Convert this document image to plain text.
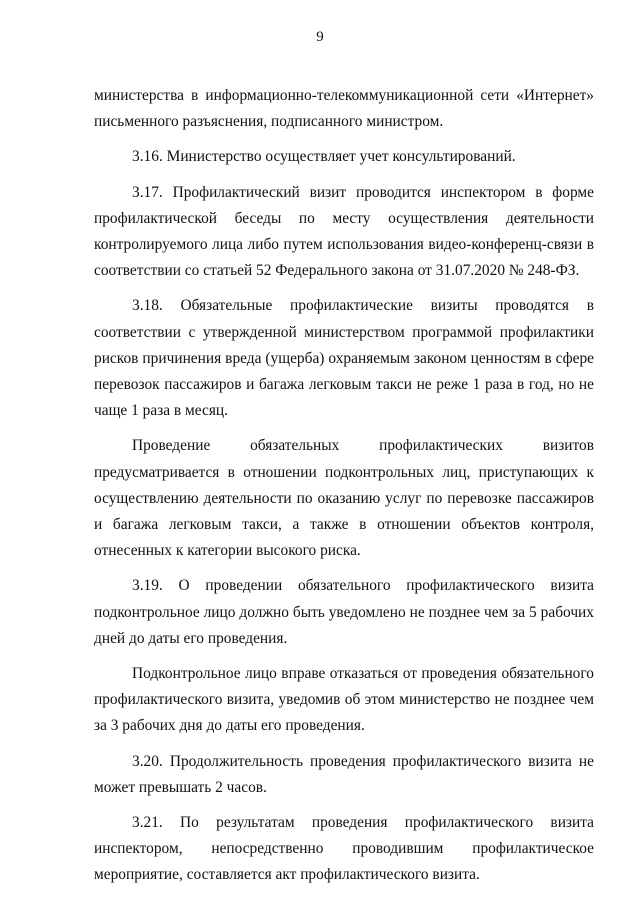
9

министерства в информационно-телекоммуникационной сети «Интернет» письменного разъяснения, подписанного министром.

3.16. Министерство осуществляет учет консультирований.

3.17. Профилактический визит проводится инспектором в форме профилактической беседы по месту осуществления деятельности контролируемого лица либо путем использования видео-конференц-связи в соответствии со статьей 52 Федерального закона от 31.07.2020 № 248-ФЗ.

3.18. Обязательные профилактические визиты проводятся в соответствии с утвержденной министерством программой профилактики рисков причинения вреда (ущерба) охраняемым законом ценностям в сфере перевозок пассажиров и багажа легковым такси не реже 1 раза в год, но не чаще 1 раза в месяц.

Проведение обязательных профилактических визитов предусматривается в отношении подконтрольных лиц, приступающих к осуществлению деятельности по оказанию услуг по перевозке пассажиров и багажа легковым такси, а также в отношении объектов контроля, отнесенных к категории высокого риска.

3.19. О проведении обязательного профилактического визита подконтрольное лицо должно быть уведомлено не позднее чем за 5 рабочих дней до даты его проведения.

Подконтрольное лицо вправе отказаться от проведения обязательного профилактического визита, уведомив об этом министерство не позднее чем за 3 рабочих дня до даты его проведения.

3.20. Продолжительность проведения профилактического визита не может превышать 2 часов.

3.21. По результатам проведения профилактического визита инспектором, непосредственно проводившим профилактическое мероприятие, составляется акт профилактического визита.
